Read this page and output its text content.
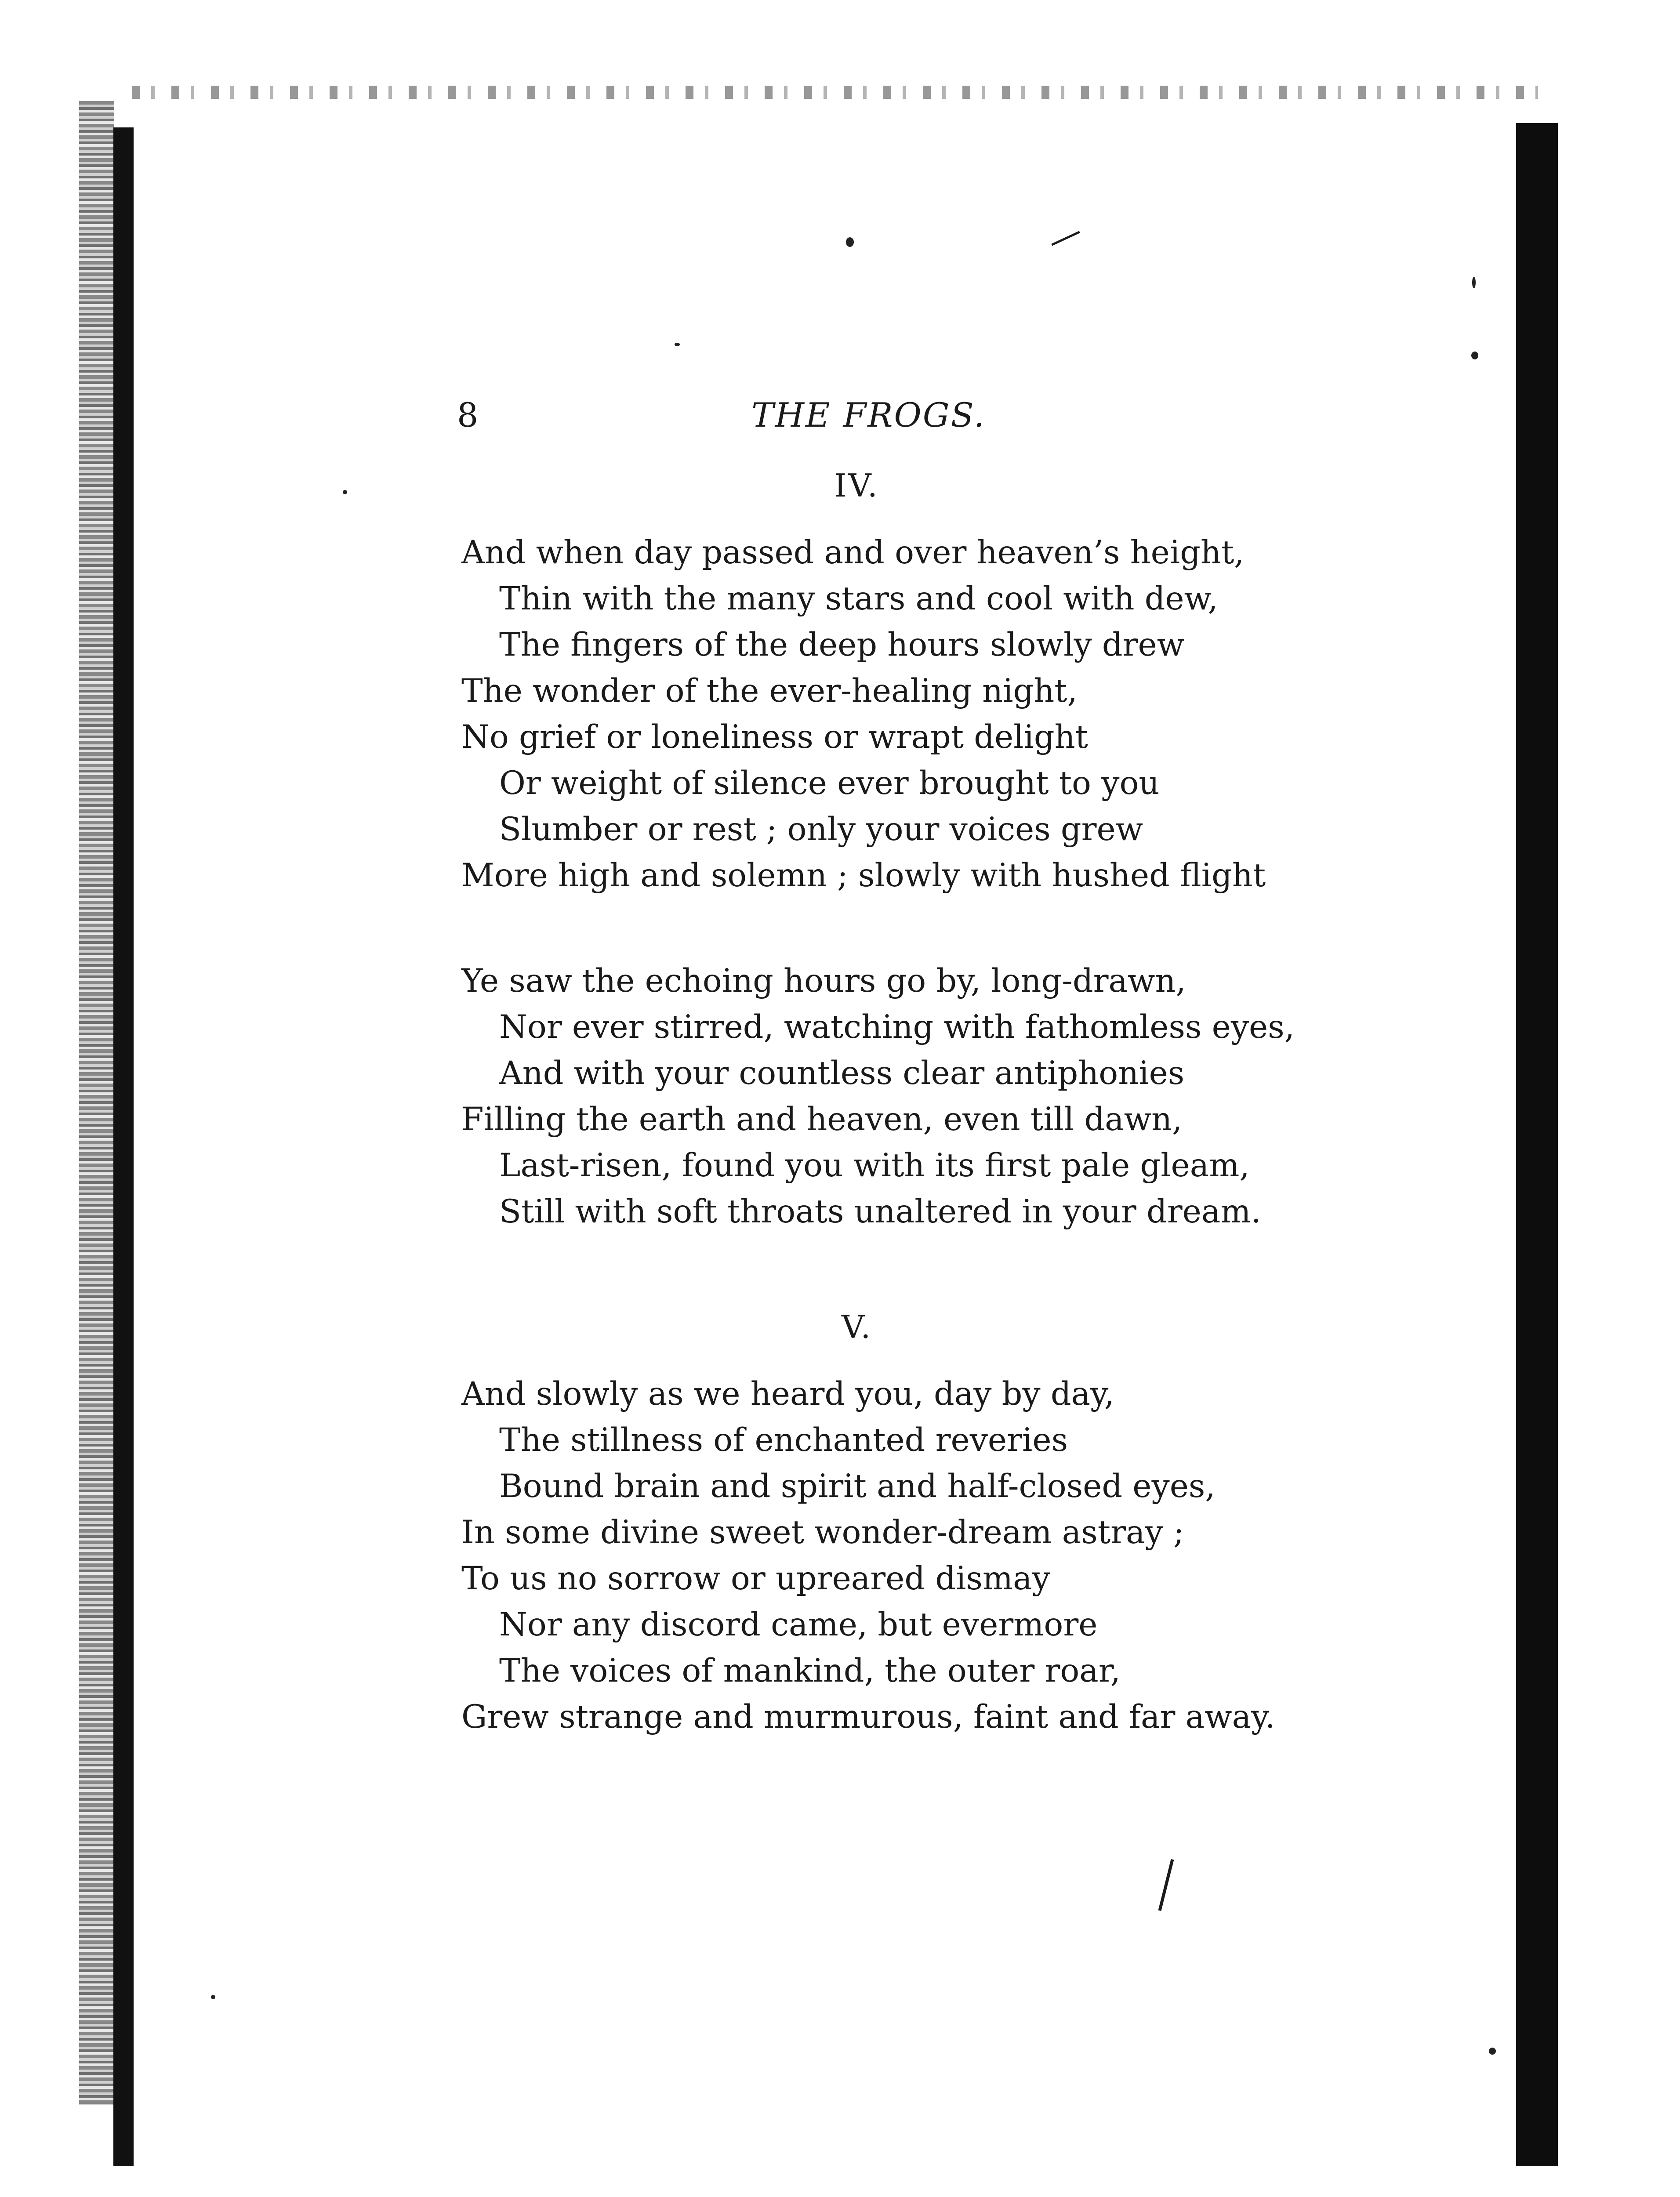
8	THE FROGS.
IV.
And when day passed and over heaven’s height,
Thin with the many stars and cool with dew,
The fingers of the deep hours slowly drew
The wonder of the ever-healing night,
No grief or loneliness or wrapt delight
Or weight of silence ever brought to you
Slumber or rest ; only your voices grew
More high and solemn ; slowly with hushed flight
Ye saw the echoing hours go by, long-drawn,
Nor ever stirred, watching with fathomless eyes,
And with your countless clear antiphonies
Filling the earth and heaven, even till dawn,
Last-risen, found you with its first pale gleam,
Still with soft throats unaltered in your dream.
V.
And slowly as we heard you, day by day,
The stillness of enchanted reveries
Bound brain and spirit and half-closed eyes,
In some divine sweet wonder-dream astray ;
To us no sorrow or upreared dismay
Nor any discord came, but evermore
The voices of mankind, the outer roar,
Grew strange and murmurous, faint and far away.
